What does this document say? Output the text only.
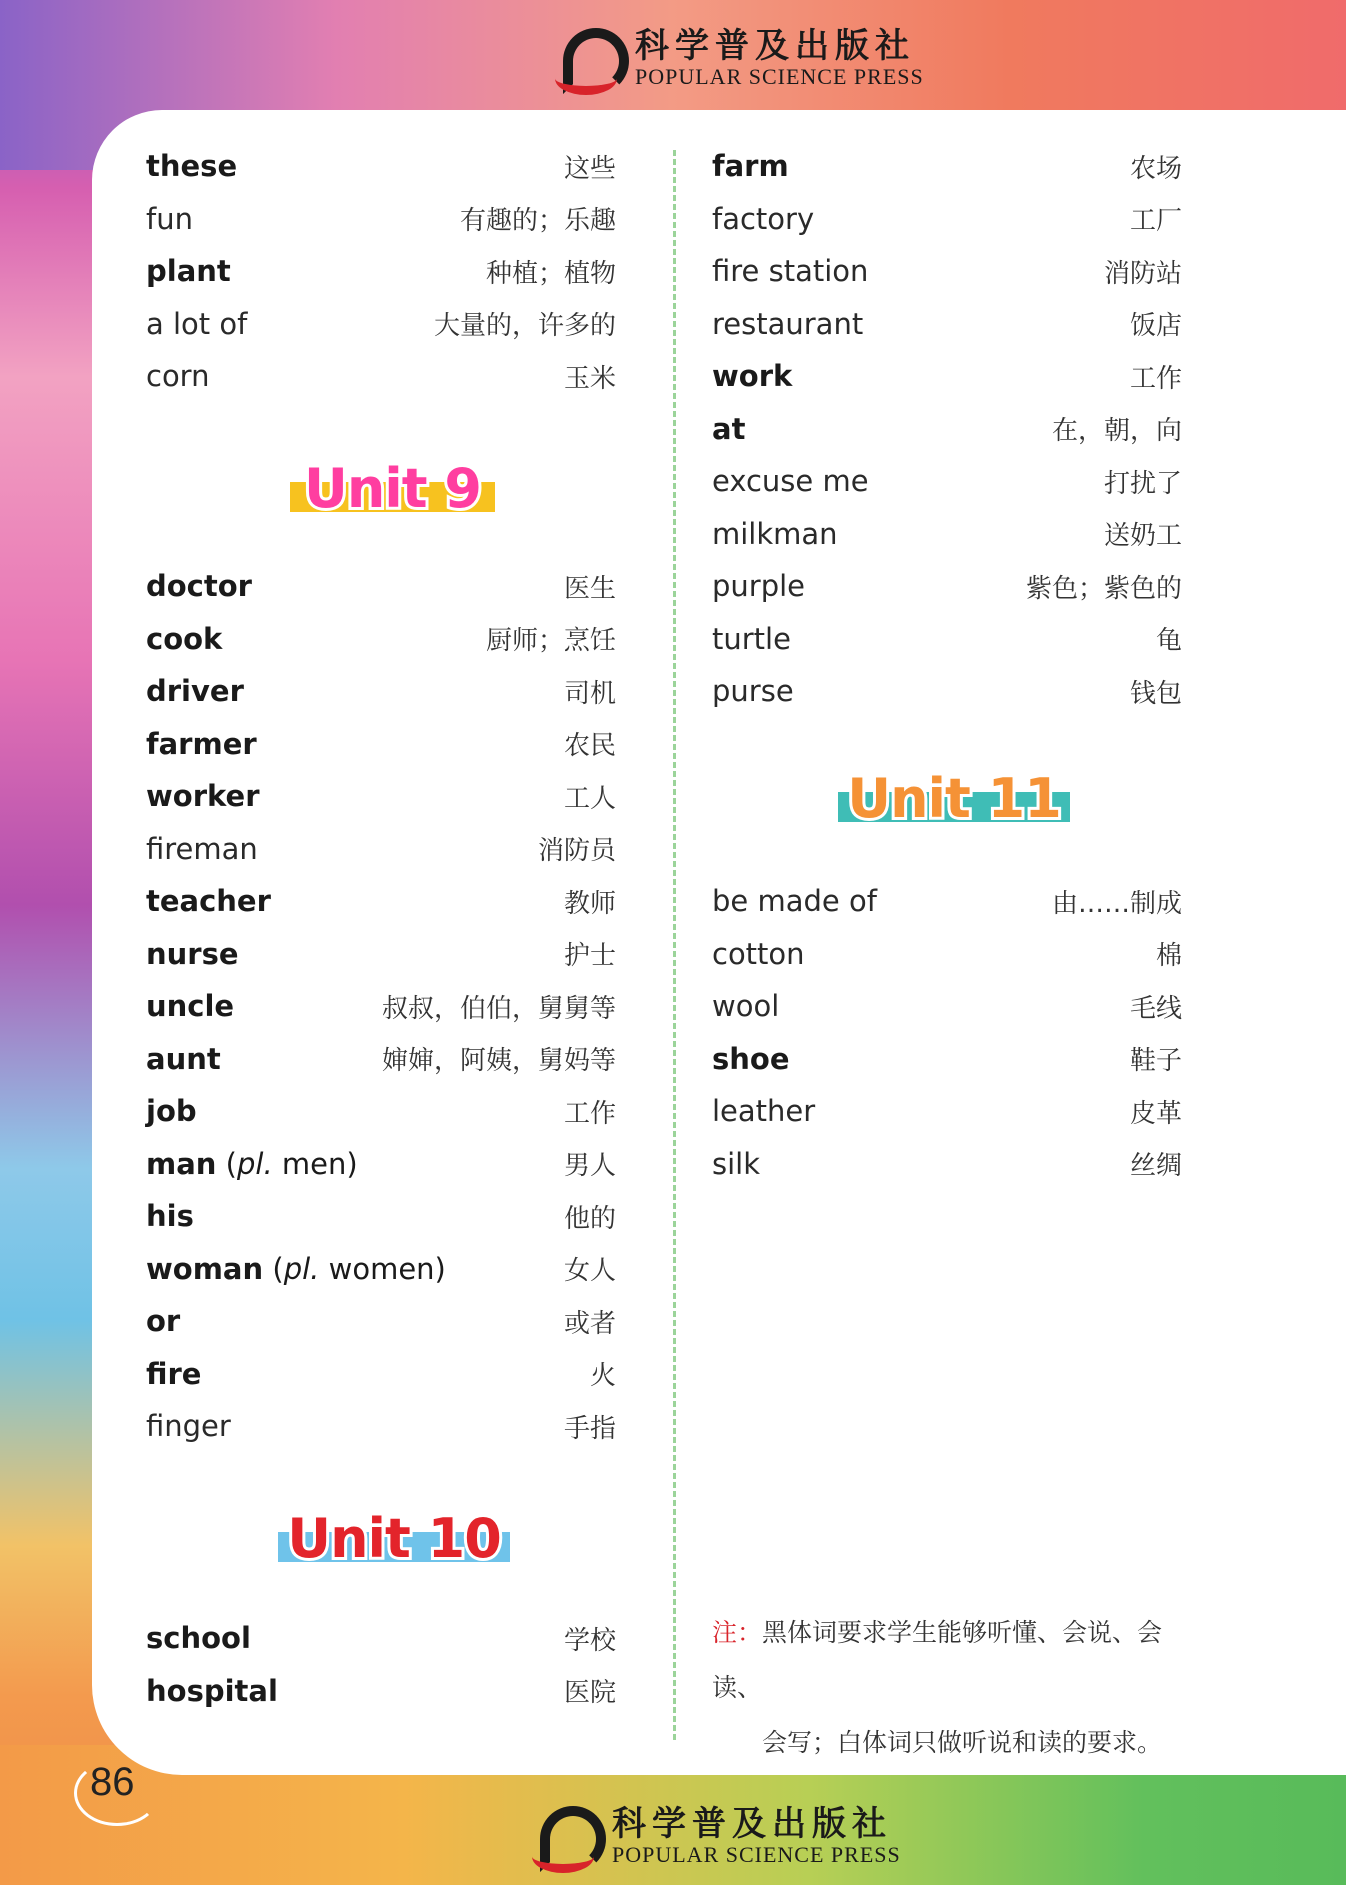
科学普及出版社
POPULAR SCIENCE PRESS
these	这些
fun	有趣的；乐趣
plant	种植；植物
a lot of	大量的，许多的
corn	玉米
Unit 9
doctor	医生
cook	厨师；烹饪
driver	司机
farmer	农民
worker	工人
fireman	消防员
teacher	教师
nurse	护士
uncle	叔叔，伯伯，舅舅等
aunt	婶婶，阿姨，舅妈等
job	工作
man (pl. men)	男人
his	他的
woman (pl. women)	女人
or	或者
fire	火
finger	手指
Unit 10
school	学校
hospital	医院
farm	农场
factory	工厂
fire station	消防站
restaurant	饭店
work	工作
at	在，朝，向
excuse me	打扰了
milkman	送奶工
purple	紫色；紫色的
turtle	龟
purse	钱包
Unit 11
be made of	由……制成
cotton	棉
wool	毛线
shoe	鞋子
leather	皮革
silk	丝绸
注：黑体词要求学生能够听懂、会说、会读、
会写；白体词只做听说和读的要求。
86
科学普及出版社
POPULAR SCIENCE PRESS
